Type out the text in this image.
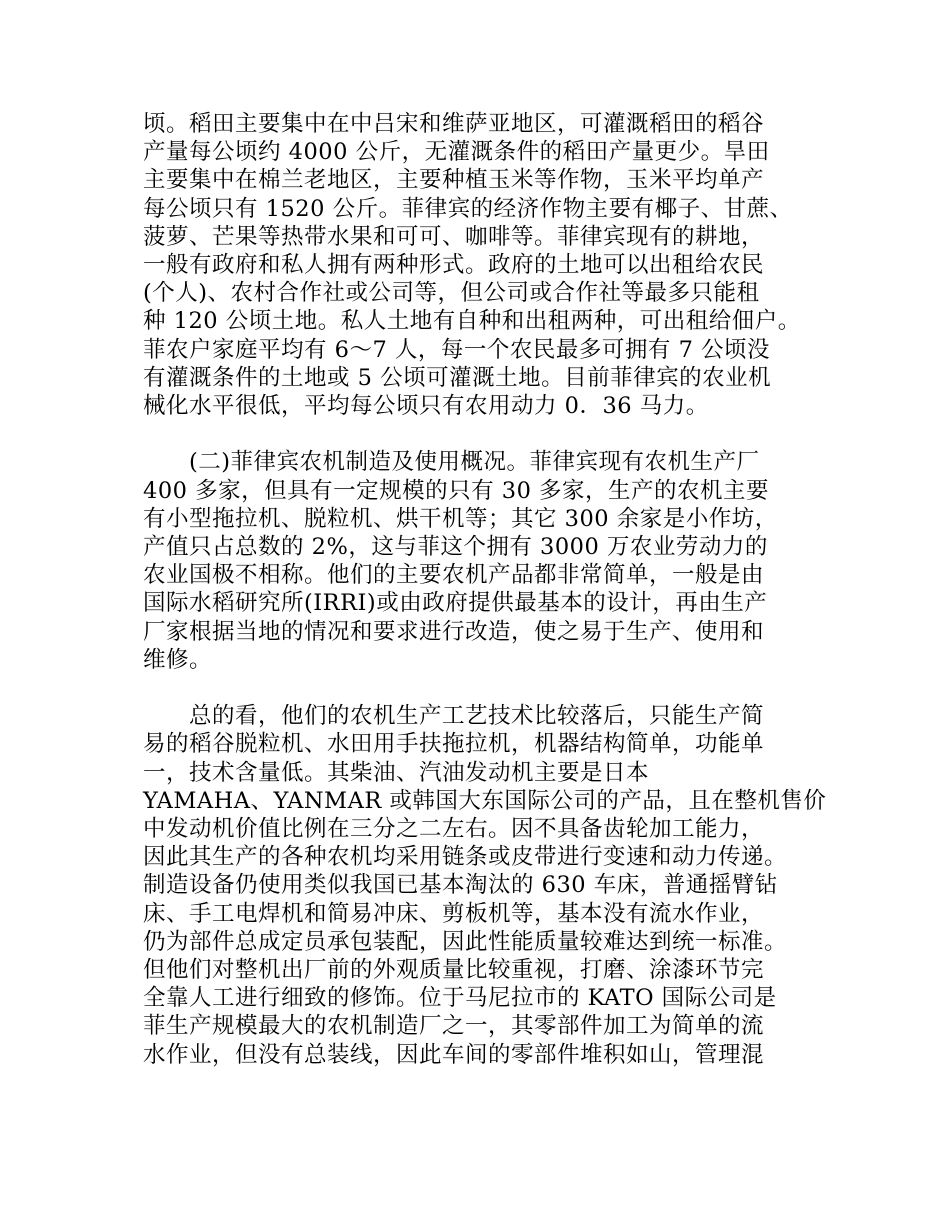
顷。稻田主要集中在中吕宋和维萨亚地区，可灌溉稻田的稻谷
产量每公顷约 4000 公斤，无灌溉条件的稻田产量更少。旱田
主要集中在棉兰老地区，主要种植玉米等作物，玉米平均单产
每公顷只有 1520 公斤。菲律宾的经济作物主要有椰子、甘蔗、
菠萝、芒果等热带水果和可可、咖啡等。菲律宾现有的耕地，
一般有政府和私人拥有两种形式。政府的土地可以出租给农民
(个人)、农村合作社或公司等，但公司或合作社等最多只能租
种 120 公顷土地。私人土地有自种和出租两种，可出租给佃户。
菲农户家庭平均有 6～7 人，每一个农民最多可拥有 7 公顷没
有灌溉条件的土地或 5 公顷可灌溉土地。目前菲律宾的农业机
械化水平很低，平均每公顷只有农用动力 0．36 马力。

(二)菲律宾农机制造及使用概况。菲律宾现有农机生产厂
400 多家，但具有一定规模的只有 30 多家，生产的农机主要
有小型拖拉机、脱粒机、烘干机等；其它 300 余家是小作坊，
产值只占总数的 2%，这与菲这个拥有 3000 万农业劳动力的
农业国极不相称。他们的主要农机产品都非常简单，一般是由
国际水稻研究所(IRRI)或由政府提供最基本的设计，再由生产
厂家根据当地的情况和要求进行改造，使之易于生产、使用和
维修。

总的看，他们的农机生产工艺技术比较落后，只能生产简
易的稻谷脱粒机、水田用手扶拖拉机，机器结构简单，功能单
一，技术含量低。其柴油、汽油发动机主要是日本
YAMAHA、YANMAR 或韩国大东国际公司的产品，且在整机售价
中发动机价值比例在三分之二左右。因不具备齿轮加工能力，
因此其生产的各种农机均采用链条或皮带进行变速和动力传递。
制造设备仍使用类似我国已基本淘汰的 630 车床，普通摇臂钻
床、手工电焊机和简易冲床、剪板机等，基本没有流水作业，
仍为部件总成定员承包装配，因此性能质量较难达到统一标准。
但他们对整机出厂前的外观质量比较重视，打磨、涂漆环节完
全靠人工进行细致的修饰。位于马尼拉市的 KATO 国际公司是
菲生产规模最大的农机制造厂之一，其零部件加工为简单的流
水作业，但没有总装线，因此车间的零部件堆积如山，管理混
